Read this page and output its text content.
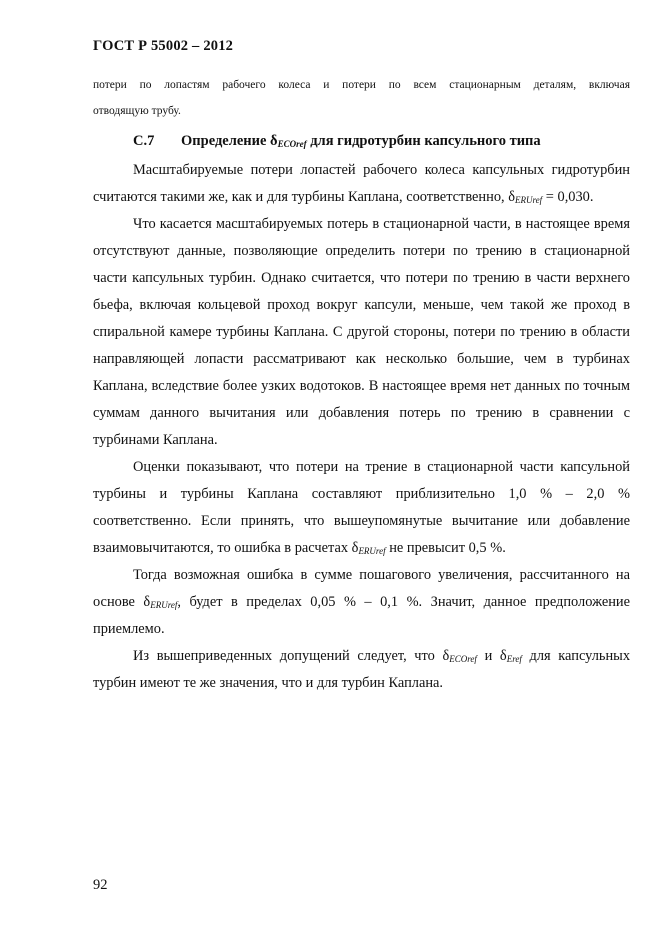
ГОСТ Р 55002 – 2012

потери по лопастям рабочего колеса и потери по всем стационарным деталям, включая

отводящую трубу.

С.7 Определение $\delta_{ECOref}$ для гидротурбин капсульного типа

Масштабируемые потери лопастей рабочего колеса капсульных гидротурбин считаются такими же, как и для турбины Каплана, соответственно, $\delta_{ERUref} = 0,030$.

Что касается масштабируемых потерь в стационарной части, в настоящее время отсутствуют данные, позволяющие определить потери по трению в стационарной части капсульных турбин. Однако считается, что потери по трению в части верхнего бьефа, включая кольцевой проход вокруг капсули, меньше, чем такой же проход в спиральной камере турбины Каплана. С другой стороны, потери по трению в области направляющей лопасти рассматривают как несколько большие, чем в турбинах Каплана, вследствие более узких водотоков. В настоящее время нет данных по точным суммам данного вычитания или добавления потерь по трению в сравнении с турбинами Каплана.

Оценки показывают, что потери на трение в стационарной части капсульной турбины и турбины Каплана составляют приблизительно 1,0 % – 2,0 % соответственно. Если принять, что вышеупомянутые вычитание или добавление взаимовычитаются, то ошибка в расчетах $\delta_{ERUref}$ не превысит 0,5 %.

Тогда возможная ошибка в сумме пошагового увеличения, рассчитанного на основе $\delta_{ERUref}$, будет в пределах 0,05 % – 0,1 %. Значит, данное предположение приемлемо.

Из вышеприведенных допущений следует, что $\delta_{ECOref}$ и $\delta_{Eref}$ для капсульных турбин имеют те же значения, что и для турбин Каплана.

92
